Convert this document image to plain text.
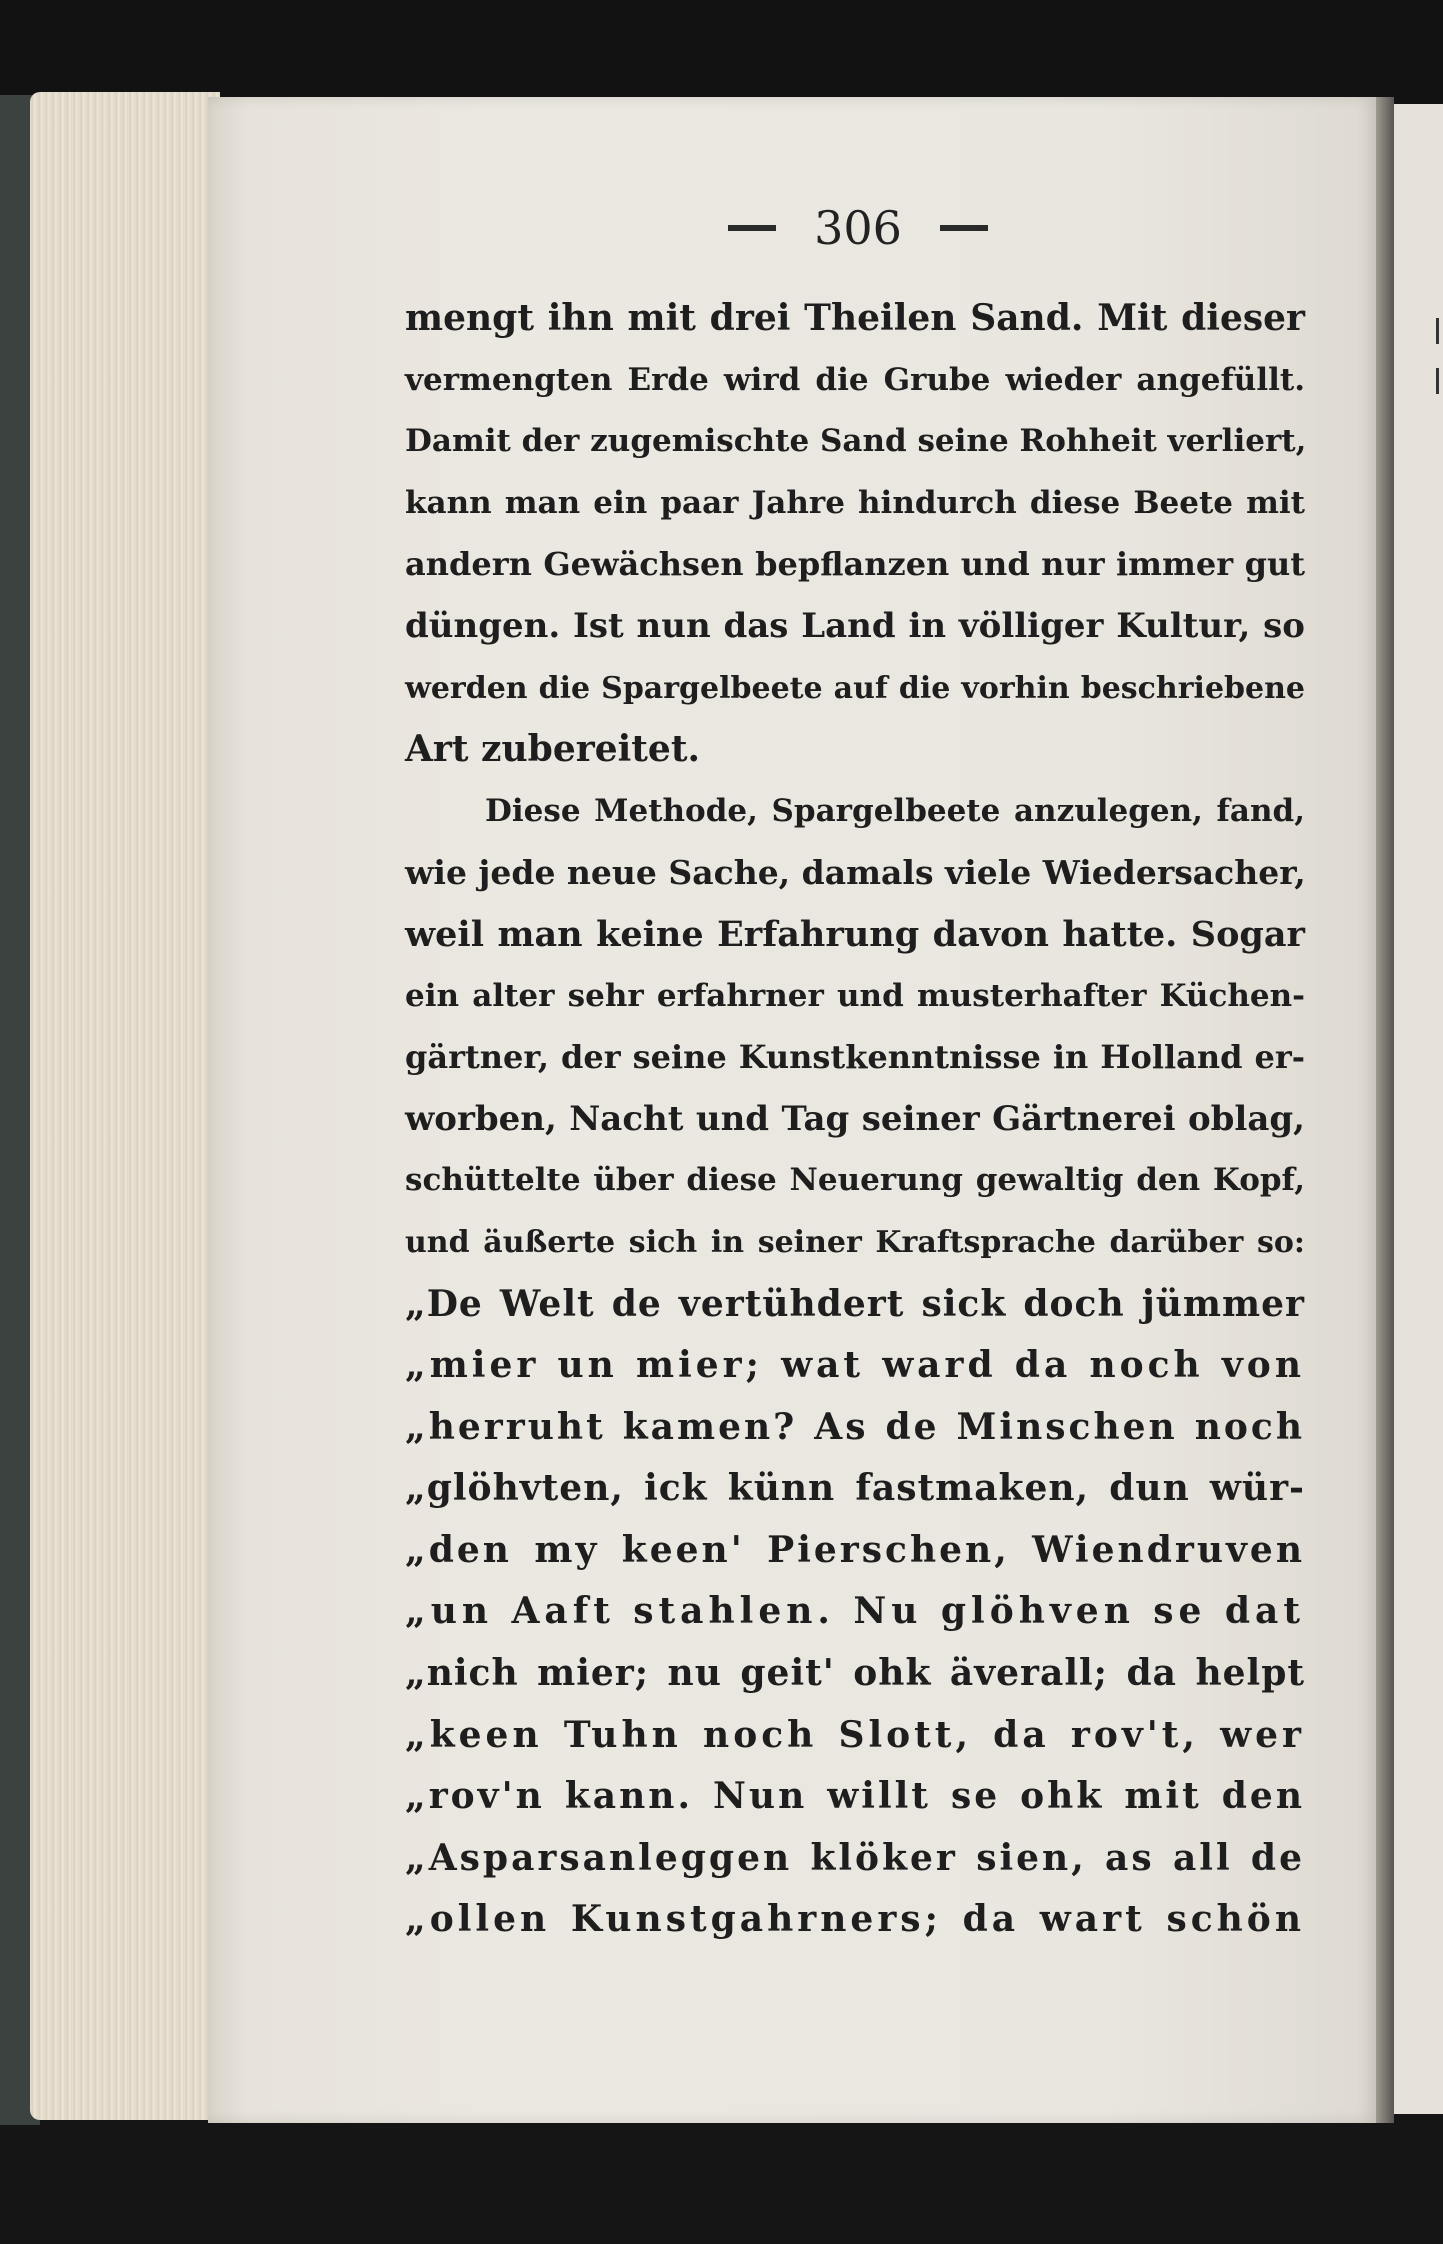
306
mengt ihn mit drei Theilen Sand. Mit dieser
vermengten Erde wird die Grube wieder angefüllt.
Damit der zugemischte Sand seine Rohheit verliert,
kann man ein paar Jahre hindurch diese Beete mit
andern Gewächsen bepflanzen und nur immer gut
düngen. Ist nun das Land in völliger Kultur, so
werden die Spargelbeete auf die vorhin beschriebene
Art zubereitet.
Diese Methode, Spargelbeete anzulegen, fand,
wie jede neue Sache, damals viele Wiedersacher,
weil man keine Erfahrung davon hatte. Sogar
ein alter sehr erfahrner und musterhafter Küchen-
gärtner, der seine Kunstkenntnisse in Holland er-
worben, Nacht und Tag seiner Gärtnerei oblag,
schüttelte über diese Neuerung gewaltig den Kopf,
und äußerte sich in seiner Kraftsprache darüber so:
„De Welt de vertühdert sick doch jümmer
„mier un mier; wat ward da noch von
„herruht kamen? As de Minschen noch
„glöhvten, ick künn fastmaken, dun wür-
„den my keen' Pierschen, Wiendruven
„un Aaft stahlen. Nu glöhven se dat
„nich mier; nu geit' ohk äverall; da helpt
„keen Tuhn noch Slott, da rov't, wer
„rov'n kann. Nun willt se ohk mit den
„Asparsanleggen klöker sien, as all de
„ollen Kunstgahrners; da wart schön
